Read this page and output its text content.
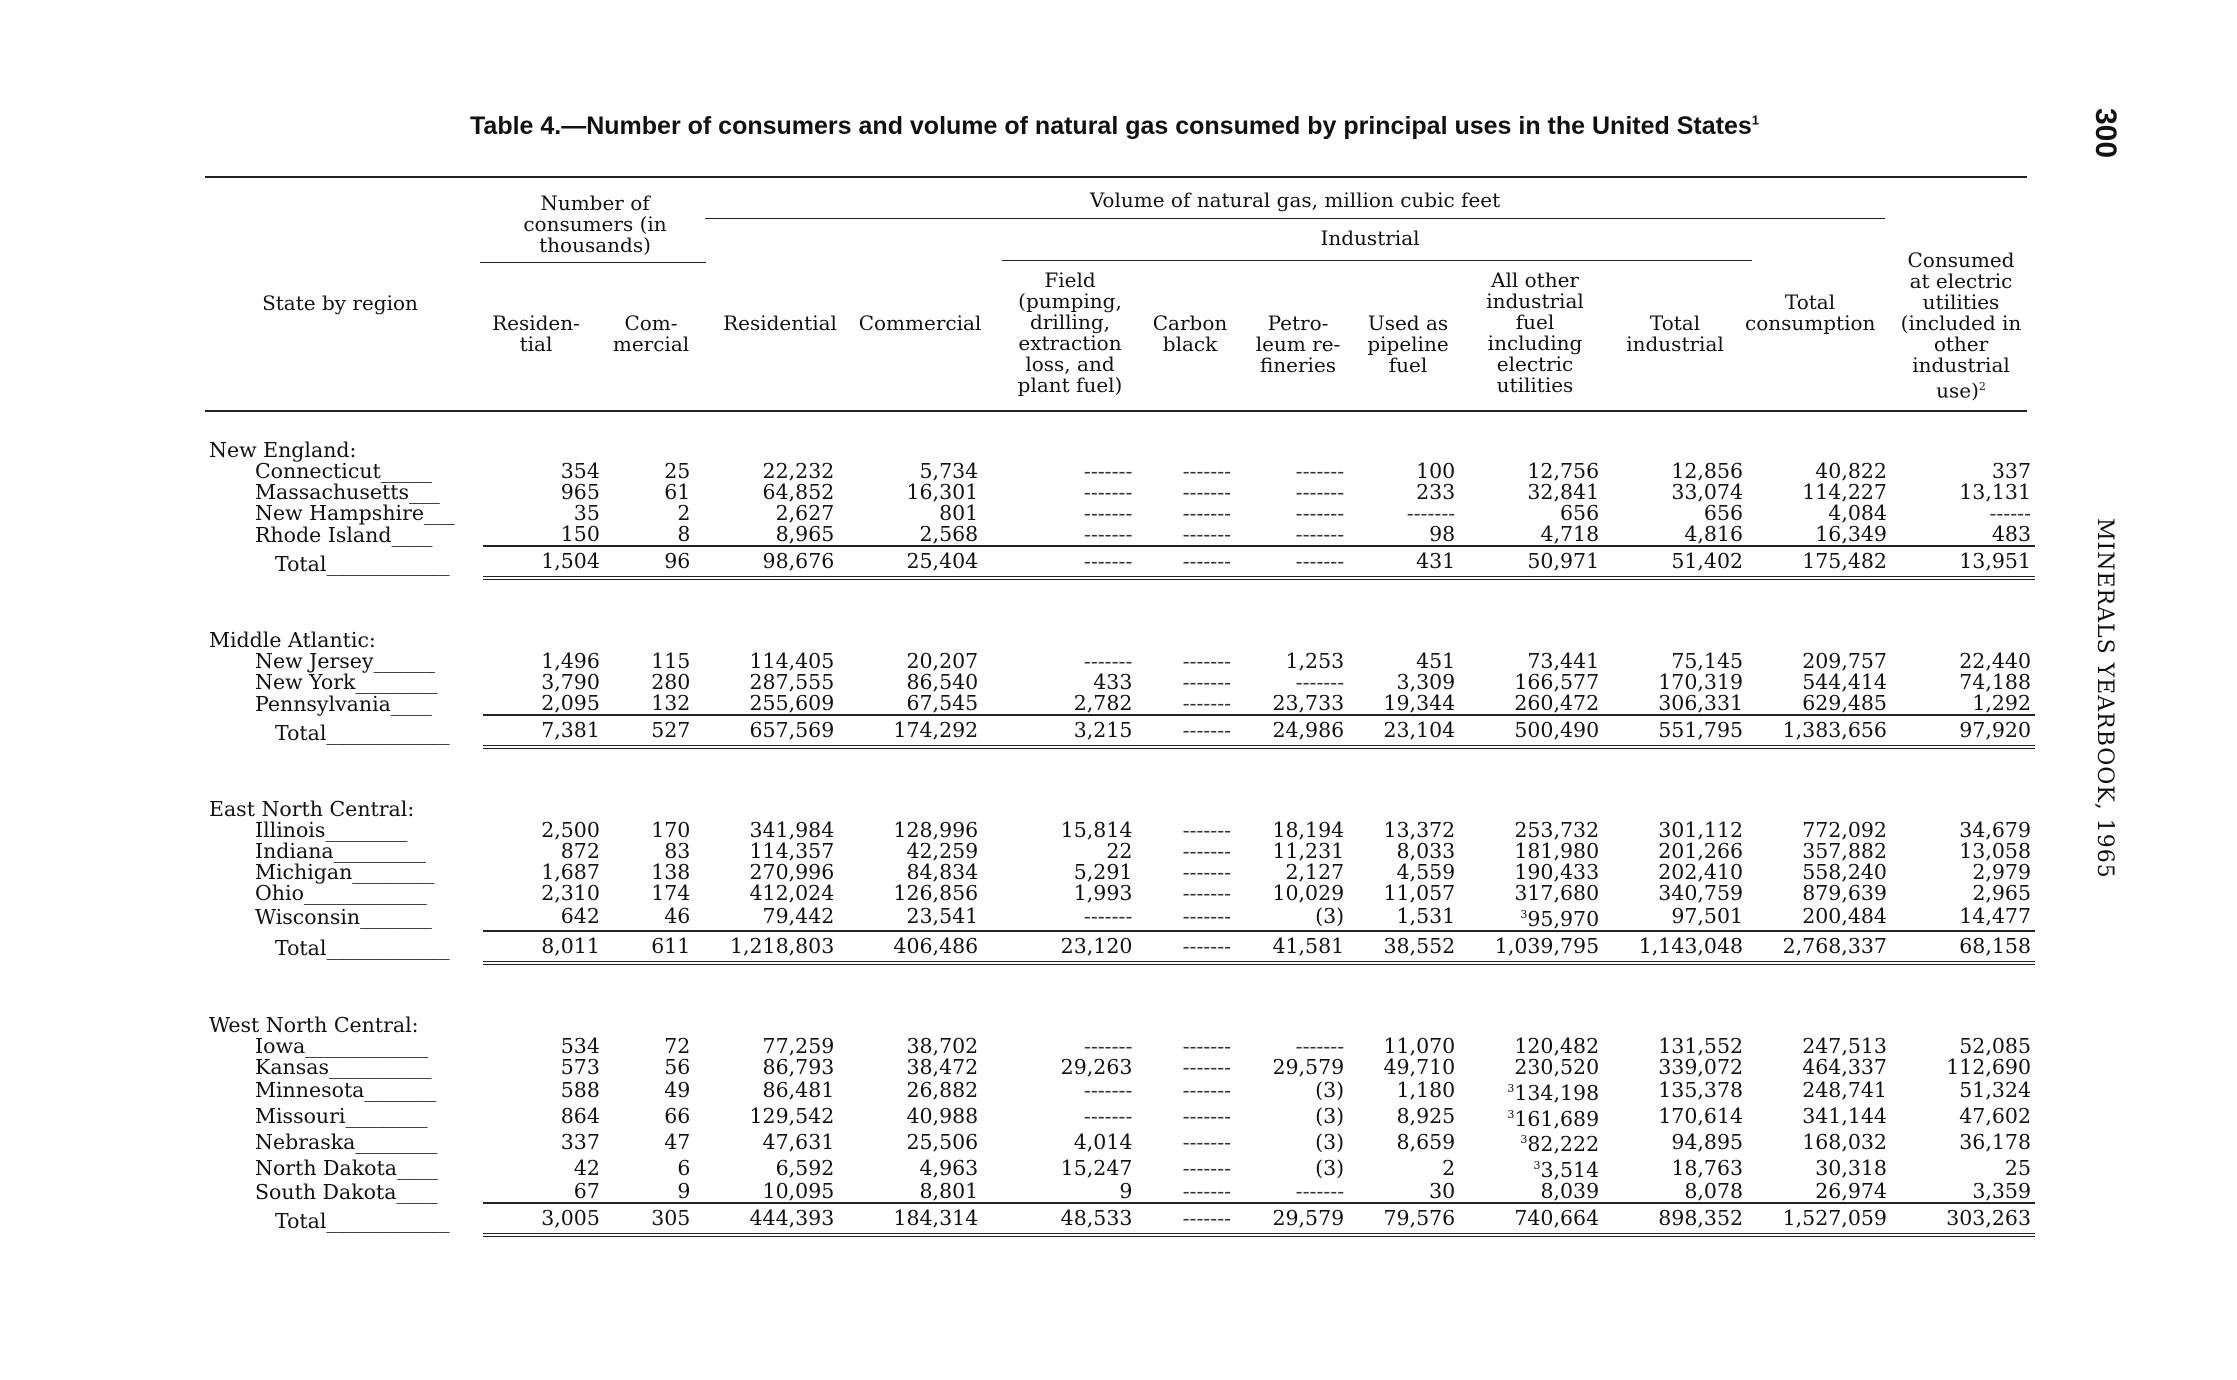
Table 4.—Number of consumers and volume of natural gas consumed by principal uses in the United States$^1$	300
MINERALS YEARBOOK, 1965
State by region
Number of consumers (in thousands)
Volume of natural gas, million cubic feet
Industrial
Residen- tial
Com- mercial
Residential	Commercial
Field (pumping, drilling, extraction loss, and plant fuel)
Carbon black
Petro- leum re- fineries
Used as pipeline fuel
All other industrial fuel including electric utilities
Total industrial
Total consumption
Consumed at electric utilities (included in other industrial use)$^2$
New England:												
Connecticut_____	354	25	22,232	5,734	-------	-------	-------	100	12,756	12,856	40,822	337
Massachusetts___	965	61	64,852	16,301	-------	-------	-------	233	32,841	33,074	114,227	13,131
New Hampshire___	35	2	2,627	801	-------	-------	-------	-------	656	656	4,084	------
Rhode Island____	150	8	8,965	2,568	-------	-------	-------	98	4,718	4,816	16,349	483
Total____________	1,504	96	98,676	25,404	-------	-------	-------	431	50,971	51,402	175,482	13,951

Middle Atlantic:												
New Jersey______	1,496	115	114,405	20,207	-------	-------	1,253	451	73,441	75,145	209,757	22,440
New York________	3,790	280	287,555	86,540	433	-------	-------	3,309	166,577	170,319	544,414	74,188
Pennsylvania____	2,095	132	255,609	67,545	2,782	-------	23,733	19,344	260,472	306,331	629,485	1,292
Total____________	7,381	527	657,569	174,292	3,215	-------	24,986	23,104	500,490	551,795	1,383,656	97,920

East North Central:												
Illinois________	2,500	170	341,984	128,996	15,814	-------	18,194	13,372	253,732	301,112	772,092	34,679
Indiana_________	872	83	114,357	42,259	22	-------	11,231	8,033	181,980	201,266	357,882	13,058
Michigan________	1,687	138	270,996	84,834	5,291	-------	2,127	4,559	190,433	202,410	558,240	2,979
Ohio____________	2,310	174	412,024	126,856	1,993	-------	10,029	11,057	317,680	340,759	879,639	2,965
Wisconsin_______	642	46	79,442	23,541	-------	-------	(3)	1,531	$^3$95,970	97,501	200,484	14,477
Total____________	8,011	611	1,218,803	406,486	23,120	-------	41,581	38,552	1,039,795	1,143,048	2,768,337	68,158

West North Central:												
Iowa____________	534	72	77,259	38,702	-------	-------	-------	11,070	120,482	131,552	247,513	52,085
Kansas__________	573	56	86,793	38,472	29,263	-------	29,579	49,710	230,520	339,072	464,337	112,690
Minnesota_______	588	49	86,481	26,882	-------	-------	(3)	1,180	$^3$134,198	135,378	248,741	51,324
Missouri________	864	66	129,542	40,988	-------	-------	(3)	8,925	$^3$161,689	170,614	341,144	47,602
Nebraska________	337	47	47,631	25,506	4,014	-------	(3)	8,659	$^3$82,222	94,895	168,032	36,178
North Dakota____	42	6	6,592	4,963	15,247	-------	(3)	2	$^3$3,514	18,763	30,318	25
South Dakota____	67	9	10,095	8,801	9	-------	-------	30	8,039	8,078	26,974	3,359
Total____________	3,005	305	444,393	184,314	48,533	-------	29,579	79,576	740,664	898,352	1,527,059	303,263
